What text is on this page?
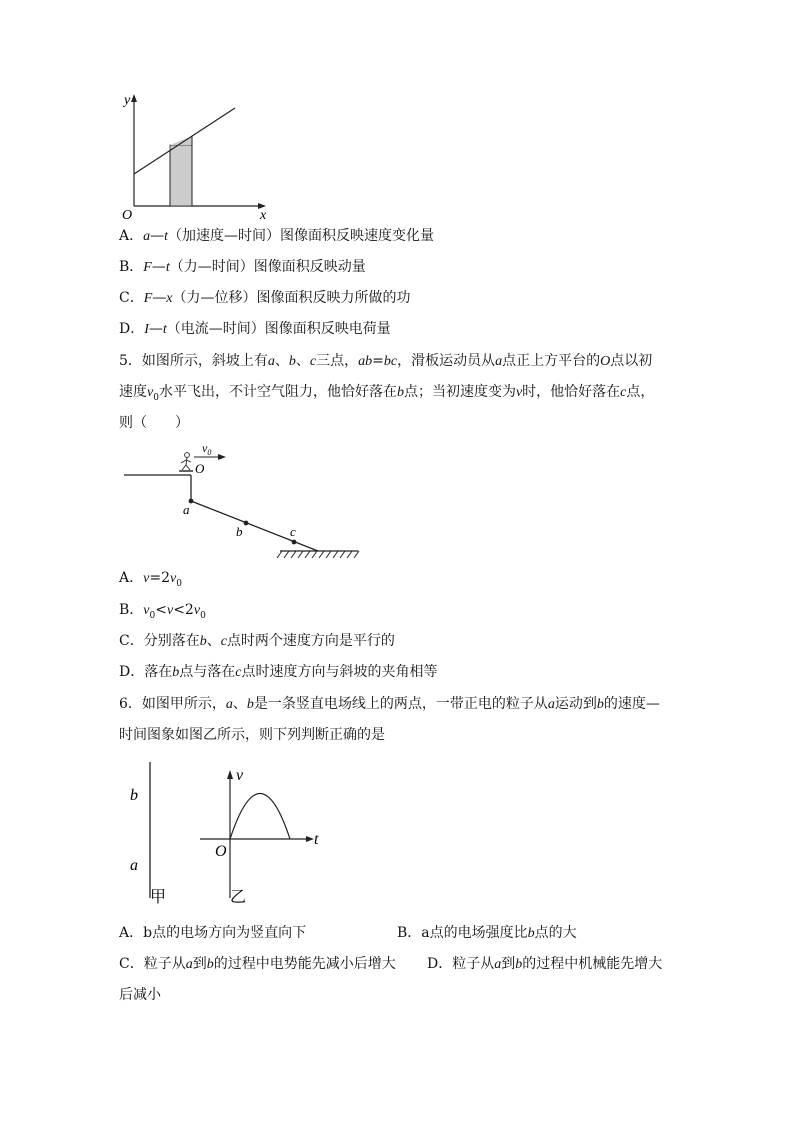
y
x
O
A．a—t（加速度—时间）图像面积反映速度变化量
B．F—t（力—时间）图像面积反映动量
C．F—x（力—位移）图像面积反映力所做的功
D．I—t（电流—时间）图像面积反映电荷量
5．如图所示，斜坡上有a、b、c三点，ab=bc，滑板运动员从a点正上方平台的O点以初
速度$v_0$水平飞出，不计空气阻力，他恰好落在b点；当初速度变为v时，他恰好落在c点，
则（　　）
$v_0$
O
a
b	c
A．$v=2v_0$
B．$v_0<v<2v_0$
C．分别落在b、c点时两个速度方向是平行的
D．落在b点与落在c点时速度方向与斜坡的夹角相等
6．如图甲所示，a、b是一条竖直电场线上的两点，一带正电的粒子从a运动到b的速度—
时间图象如图乙所示，则下列判断正确的是
b
a
甲
v
t
O
乙
A．b点的电场方向为竖直向下	B．a点的电场强度比b点的大
C．粒子从a到b的过程中电势能先减小后增大 D．粒子从a到b的过程中机械能先增大
后减小
